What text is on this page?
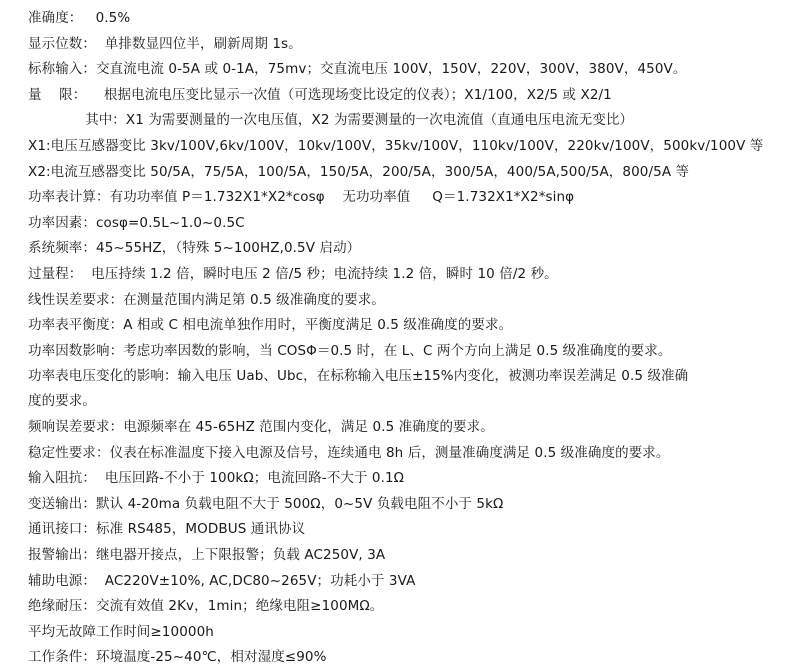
准确度：   0.5%

显示位数：  单排数显四位半，刷新周期 1s。

标称输入：交直流电流 0-5A 或 0-1A，75mv；交直流电压 100V，150V，220V，300V，380V，450V。

量    限：    根据电流电压变比显示一次值（可选现场变比设定的仪表）；X1/100，X2/5 或 X2/1

其中：X1 为需要测量的一次电压值，X2 为需要测量的一次电流值（直通电压电流无变比）

X1:电压互感器变比 3kv/100V,6kv/100V，10kv/100V，35kv/100V，110kv/100V，220kv/100V，500kv/100V 等

X2:电流互感器变比 50/5A，75/5A，100/5A，150/5A，200/5A，300/5A，400/5A,500/5A，800/5A 等

功率表计算：有功功率值 P＝1.732X1*X2*cosφ    无功功率值     Q＝1.732X1*X2*sinφ

功率因素：cosφ=0.5L~1.0~0.5C

系统频率：45~55HZ，（特殊 5~100HZ,0.5V 启动）

过量程：  电压持续 1.2 倍，瞬时电压 2 倍/5 秒；电流持续 1.2 倍，瞬时 10 倍/2 秒。

线性误差要求：在测量范围内满足第 0.5 级准确度的要求。

功率表平衡度：A 相或 C 相电流单独作用时，平衡度满足 0.5 级准确度的要求。

功率因数影响：考虑功率因数的影响，当 COSΦ＝0.5 时，在 L、C 两个方向上满足 0.5 级准确度的要求。

功率表电压变化的影响：输入电压 Uab、Ubc，在标称输入电压±15%内变化，被测功率误差满足 0.5 级准确

度的要求。

频响误差要求：电源频率在 45-65HZ 范围内变化，满足 0.5 准确度的要求。

稳定性要求：仪表在标准温度下接入电源及信号，连续通电 8h 后，测量准确度满足 0.5 级准确度的要求。

输入阻抗：  电压回路-不小于 100kΩ；电流回路-不大于 0.1Ω

变送输出：默认 4-20ma 负载电阻不大于 500Ω，0~5V 负载电阻不小于 5kΩ

通讯接口：标准 RS485，MODBUS 通讯协议

报警输出：继电器开接点，上下限报警；负载 AC250V, 3A

辅助电源：  AC220V±10%, AC,DC80~265V；功耗小于 3VA

绝缘耐压：交流有效值 2Kv，1min；绝缘电阻≥100MΩ。

平均无故障工作时间≥10000h

工作条件：环境温度-25~40℃，相对湿度≤90%
